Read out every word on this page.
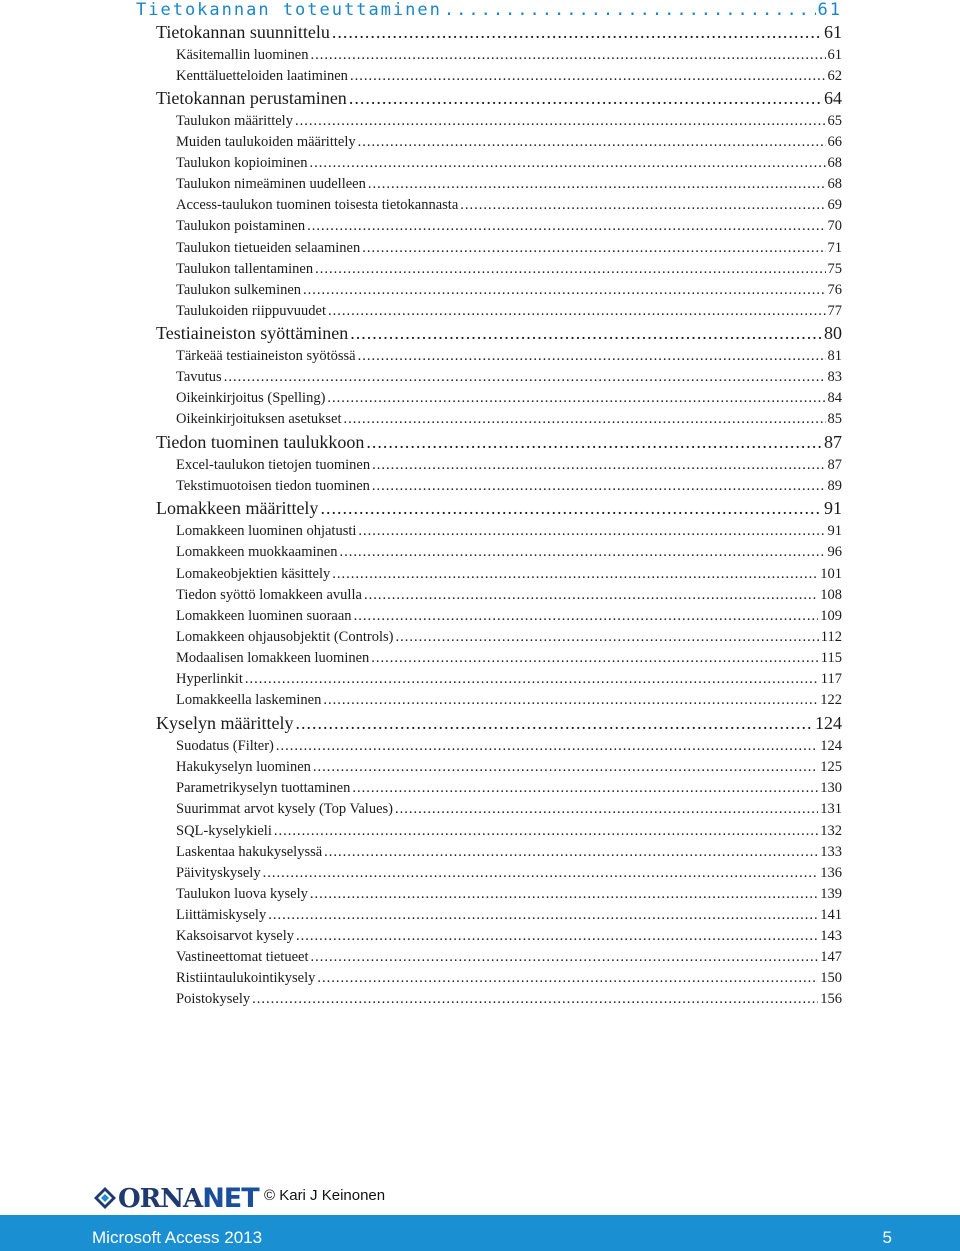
Tietokannan toteuttaminen .....	61
Tietokannan suunnittelu .....	61
Käsitemallin luominen .....	61
Kenttäluetteloiden laatiminen .....	62
Tietokannan perustaminen .....	64
Taulukon määrittely .....	65
Muiden taulukoiden määrittely .....	66
Taulukon kopioiminen .....	68
Taulukon nimeäminen uudelleen .....	68
Access-taulukon tuominen toisesta tietokannasta .....	69
Taulukon poistaminen .....	70
Taulukon tietueiden selaaminen .....	71
Taulukon tallentaminen .....	75
Taulukon sulkeminen .....	76
Taulukoiden riippuvuudet .....	77
Testiaineiston syöttäminen .....	80
Tärkeää testiaineiston syötössä .....	81
Tavutus .....	83
Oikeinkirjoitus (Spelling) .....	84
Oikeinkirjoituksen asetukset .....	85
Tiedon tuominen taulukkoon .....	87
Excel-taulukon tietojen tuominen .....	87
Tekstimuotoisen tiedon tuominen .....	89
Lomakkeen määrittely .....	91
Lomakkeen luominen ohjatusti .....	91
Lomakkeen muokkaaminen .....	96
Lomakeobjektien käsittely .....	101
Tiedon syöttö lomakkeen avulla .....	108
Lomakkeen luominen suoraan .....	109
Lomakkeen ohjausobjektit (Controls) .....	112
Modaalisen lomakkeen luominen .....	115
Hyperlinkit .....	117
Lomakkeella laskeminen .....	122
Kyselyn määrittely .....	124
Suodatus (Filter) .....	124
Hakukyselyn luominen .....	125
Parametrikyselyn tuottaminen .....	130
Suurimmat arvot kysely (Top Values) .....	131
SQL-kyselykieli .....	132
Laskentaa hakukyselyssä .....	133
Päivityskysely .....	136
Taulukon luova kysely .....	139
Liittämiskysely .....	141
Kaksoisarvot kysely .....	143
Vastineettomat tietueet .....	147
Ristiintaulukointikysely .....	150
Poistokysely .....	156
ORNANET © Kari J Keinonen
Microsoft Access 2013	5
